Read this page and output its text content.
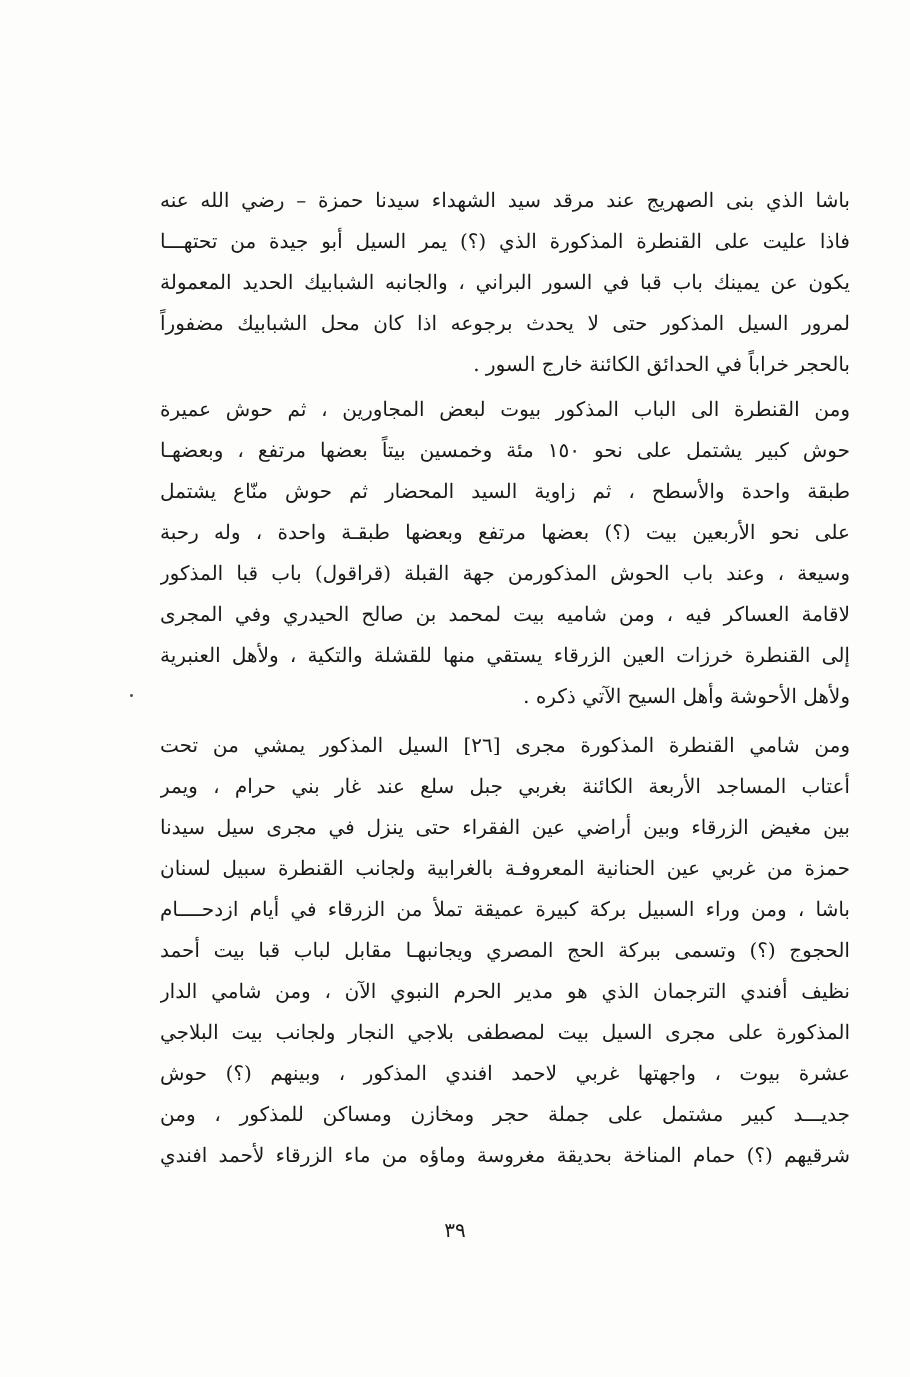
باشا الذي بنى الصهريج عند مرقد سيد الشهداء سيدنا حمزة – رضي الله عنه
فاذا عليت على القنطرة المذكورة الذي (؟) يمر السيل أبو جيدة من تحتهـــا
يكون عن يمينك باب قبا في السور البراني ، والجانبه الشبابيك الحديد المعمولة
لمرور السيل المذكور حتى لا يحدث برجوعه اذا كان محل الشبابيك مضفوراً
بالحجر خراباً في الحدائق الكائنة خارج السور .
ومن القنطرة الى الباب المذكور بيوت لبعض المجاورين ، ثم حوش عميرة
حوش كبير يشتمل على نحو ١٥٠ مئة وخمسين بيتاً بعضها مرتفع ، وبعضهـا
طبقة واحدة والأسطح ، ثم زاوية السيد المحضار ثم حوش منّاع يشتمل
على نحو الأربعين بيت (؟) بعضها مرتفع وبعضها طبقـة واحدة ، وله رحبة
وسيعة ، وعند باب الحوش المذكورمن جهة القبلة (قراقول) باب قبا المذكور
لاقامة العساكر فيه ، ومن شاميه بيت لمحمد بن صالح الحيدري وفي المجرى
إلى القنطرة خرزات العين الزرقاء يستقي منها للقشلة والتكية ، ولأهل العنبرية
ولأهل الأحوشة وأهل السيح الآتي ذكره .
ومن شامي القنطرة المذكورة مجرى [٢٦] السيل المذكور يمشي من تحت
أعتاب المساجد الأربعة الكائنة بغربي جبل سلع عند غار بني حرام ، ويمر
بين مغيض الزرقاء وبين أراضي عين الفقراء حتى ينزل في مجرى سيل سيدنا
حمزة من غربي عين الحنانية المعروفـة بالغرابية ولجانب القنطرة سبيل لسنان
باشا ، ومن وراء السبيل بركة كبيرة عميقة تملأ من الزرقاء في أيام ازدحــــام
الحجوج (؟) وتسمى ببركة الحج المصري ويجانبهـا مقابل لباب قبا بيت أحمد
نظيف أفندي الترجمان الذي هو مدير الحرم النبوي الآن ، ومن شامي الدار
المذكورة على مجرى السيل بيت لمصطفى بلاجي النجار ولجانب بيت البلاجي
عشرة بيوت ، واجهتها غربي لاحمد افندي المذكور ، وبينهم (؟) حوش
جديـــد كبير مشتمل على جملة حجر ومخازن ومساكن للمذكور ، ومن
شرقيهم (؟) حمام المناخة بحديقة مغروسة وماؤه من ماء الزرقاء لأحمد افندي
٣٩
